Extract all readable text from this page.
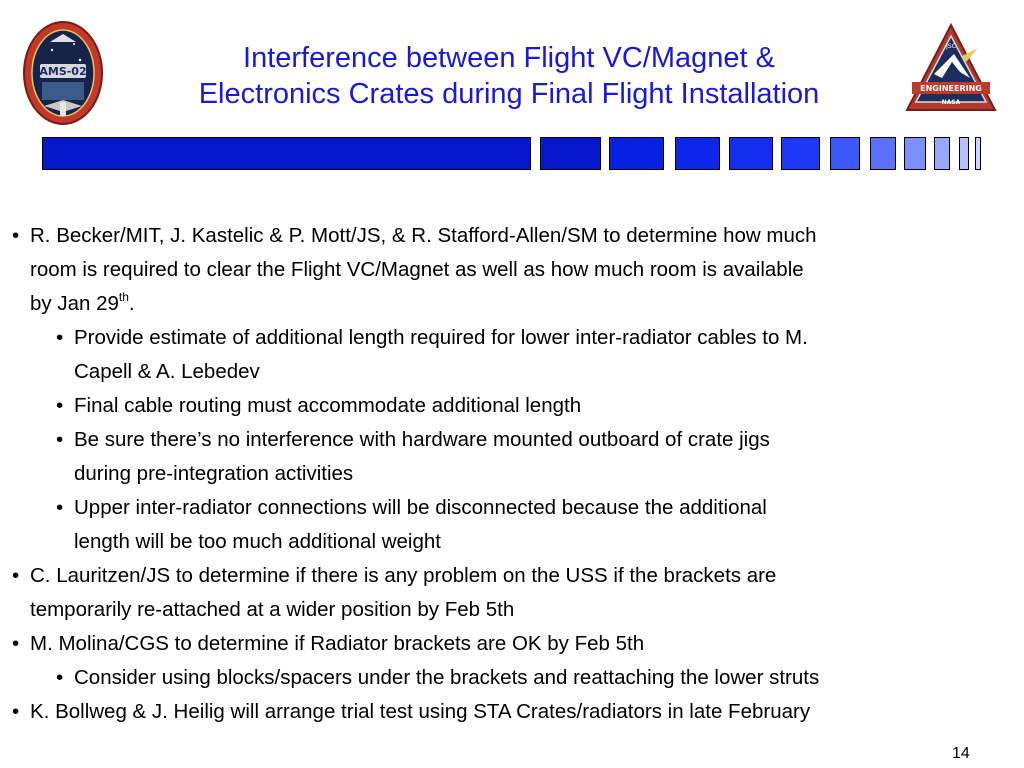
AMS-02
JSC
ENGINEERING
NASA
Interference between Flight VC/Magnet &
Electronics Crates during Final Flight Installation
• R. Becker/MIT, J. Kastelic & P. Mott/JS, & R. Stafford-Allen/SM to determine how much
room is required to clear the Flight VC/Magnet as well as how much room is available
by Jan 29th.
• Provide estimate of additional length required for lower inter-radiator cables to M.
Capell & A. Lebedev
• Final cable routing must accommodate additional length
• Be sure there’s no interference with hardware mounted outboard of crate jigs
during pre-integration activities
• Upper inter-radiator connections will be disconnected because the additional
length will be too much additional weight
• C. Lauritzen/JS to determine if there is any problem on the USS if the brackets are
temporarily re-attached at a wider position by Feb 5th
• M. Molina/CGS to determine if Radiator brackets are OK by Feb 5th
• Consider using blocks/spacers under the brackets and reattaching the lower struts
• K. Bollweg & J. Heilig will arrange trial test using STA Crates/radiators in late February
14
